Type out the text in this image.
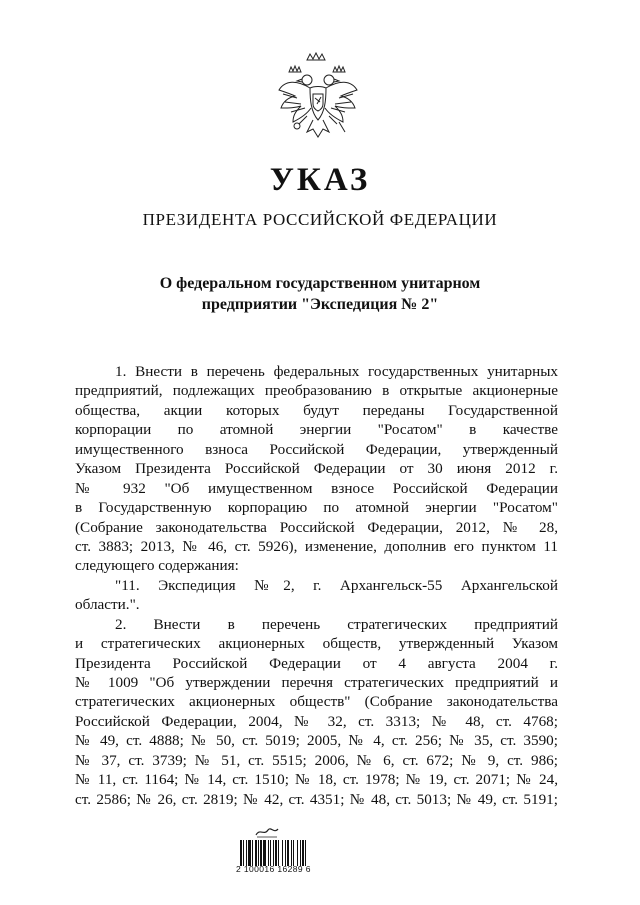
УКАЗ
ПРЕЗИДЕНТА РОССИЙСКОЙ ФЕДЕРАЦИИ
О федеральном государственном унитарном
предприятии "Экспедиция № 2"
1. Внести в перечень федеральных государственных унитарных
предприятий, подлежащих преобразованию в открытые акционерные
общества, акции которых будут переданы Государственной
корпорации по атомной энергии "Росатом" в качестве
имущественного взноса Российской Федерации, утвержденный
Указом Президента Российской Федерации от 30 июня 2012 г.
№ 932 "Об имущественном взносе Российской Федерации
в Государственную корпорацию по атомной энергии "Росатом"
(Собрание законодательства Российской Федерации, 2012, № 28,
ст. 3883; 2013, № 46, ст. 5926), изменение, дополнив его пунктом 11
следующего содержания:
"11. Экспедиция №2, г. Архангельск-55 Архангельской
области.".
2. Внести в перечень стратегических предприятий
и стратегических акционерных обществ, утвержденный Указом
Президента Российской Федерации от 4 августа 2004 г.
№ 1009 "Об утверждении перечня стратегических предприятий и
стратегических акционерных обществ" (Собрание законодательства
Российской Федерации, 2004, № 32, ст. 3313; № 48, ст. 4768;
№ 49, ст. 4888; № 50, ст. 5019; 2005, № 4, ст. 256; № 35, ст. 3590;
№ 37, ст. 3739; № 51, ст. 5515; 2006, № 6, ст. 672; № 9, ст. 986;
№ 11, ст. 1164; № 14, ст. 1510; № 18, ст. 1978; № 19, ст. 2071; № 24,
ст. 2586; № 26, ст. 2819; № 42, ст. 4351; № 48, ст. 5013; № 49, ст. 5191;
2 100016 16289 6
